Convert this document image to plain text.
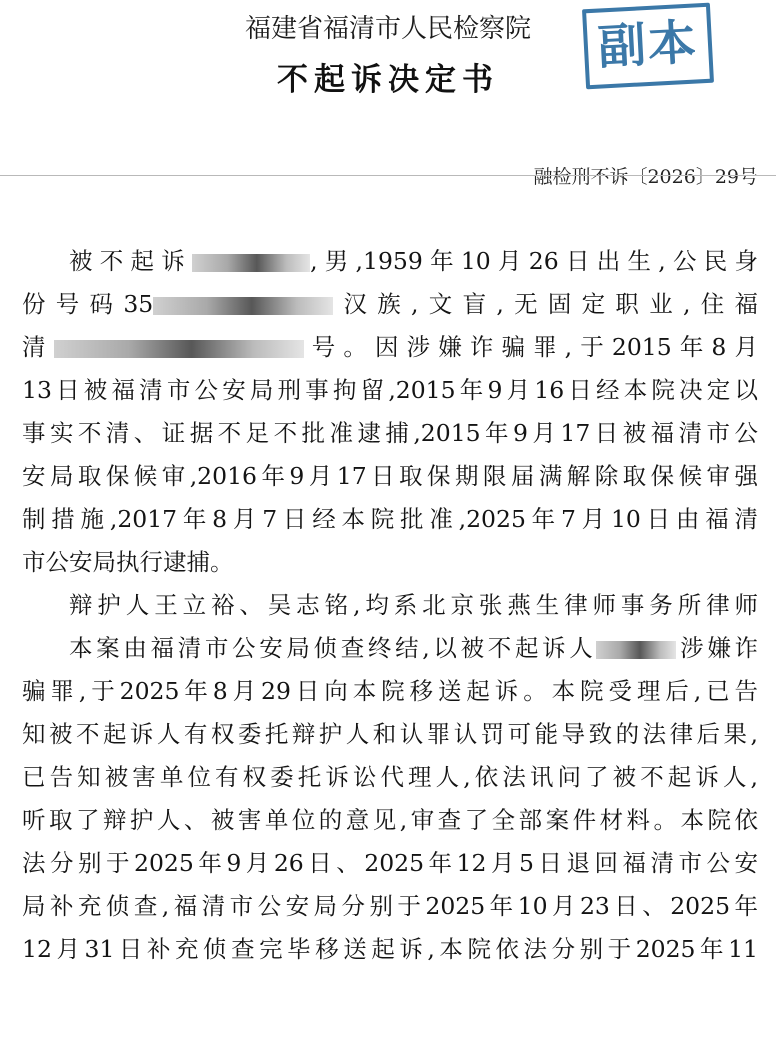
福建省福清市人民检察院
不起诉决定书
副本
融检刑不诉〔2026〕29号
被不起诉	,男,1959年10月26日出生,公民身
份号码35	汉族,文盲,无固定职业,住福
清	号。因涉嫌诈骗罪,于2015年8月
13日被福清市公安局刑事拘留,2015年9月16日经本院决定以
事实不清、证据不足不批准逮捕,2015年9月17日被福清市公
安局取保候审,2016年9月17日取保期限届满解除取保候审强
制措施,2017年8月7日经本院批准,2025年7月10日由福清
市公安局执行逮捕。
辩护人王立裕、吴志铭,均系北京张燕生律师事务所律师
本案由福清市公安局侦查终结,以被不起诉人	涉嫌诈
骗罪,于2025年8月29日向本院移送起诉。本院受理后,已告
知被不起诉人有权委托辩护人和认罪认罚可能导致的法律后果,
已告知被害单位有权委托诉讼代理人,依法讯问了被不起诉人,
听取了辩护人、被害单位的意见,审查了全部案件材料。本院依
法分别于2025年9月26日、2025年12月5日退回福清市公安
局补充侦查,福清市公安局分别于2025年10月23日、2025年
12月31日补充侦查完毕移送起诉,本院依法分别于2025年11
